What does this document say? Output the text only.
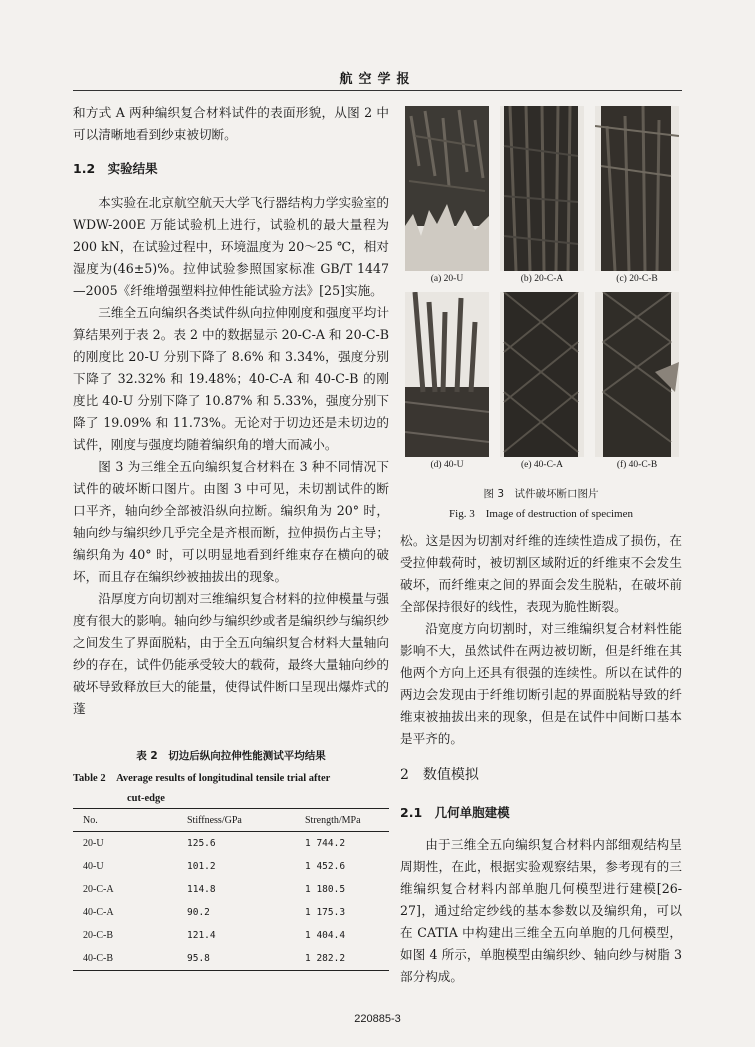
航空学报

和方式 A 两种编织复合材料试件的表面形貌，从图 2 中可以清晰地看到纱束被切断。

1.2　实验结果

本实验在北京航空航天大学飞行器结构力学实验室的 WDW-200E 万能试验机上进行，试验机的最大量程为 200 kN，在试验过程中，环境温度为 20～25 ℃，相对湿度为(46±5)%。拉伸试验参照国家标准 GB/T 1447—2005《纤维增强塑料拉伸性能试验方法》[25]实施。

三维全五向编织各类试件纵向拉伸刚度和强度平均计算结果列于表 2。表 2 中的数据显示 20-C-A 和 20-C-B 的刚度比 20-U 分别下降了 8.6% 和 3.34%，强度分别下降了 32.32% 和 19.48%；40-C-A 和 40-C-B 的刚度比 40-U 分别下降了 10.87% 和 5.33%，强度分别下降了 19.09% 和 11.73%。无论对于切边还是未切边的试件，刚度与强度均随着编织角的增大而减小。

图 3 为三维全五向编织复合材料在 3 种不同情况下试件的破坏断口图片。由图 3 中可见，未切割试件的断口平齐，轴向纱全部被沿纵向拉断。编织角为 20° 时，轴向纱与编织纱几乎完全是齐根而断，拉伸损伤占主导；编织角为 40° 时，可以明显地看到纤维束存在横向的破坏，而且存在编织纱被抽拔出的现象。

沿厚度方向切割对三维编织复合材料的拉伸模量与强度有很大的影响。轴向纱与编织纱或者是编织纱与编织纱之间发生了界面脱粘，由于全五向编织复合材料大量轴向纱的存在，试件仍能承受较大的载荷，最终大量轴向纱的破坏导致释放巨大的能量，使得试件断口呈现出爆炸式的蓬

表 2　切边后纵向拉伸性能测试平均结果
Table 2　Average results of longitudinal tensile trial after
cut-edge
No.	Stiffness/GPa	Strength/MPa
20-U	125.6	1 744.2
40-U	101.2	1 452.6
20-C-A	114.8	1 180.5
40-C-A	90.2	1 175.3
20-C-B	121.4	1 404.4
40-C-B	95.8	1 282.2
(a) 20-U	(b) 20-C-A	(c) 20-C-B
(d) 40-U	(e) 40-C-A	(f) 40-C-B
图 3　试件破坏断口图片
Fig. 3　Image of destruction of specimen

松。这是因为切割对纤维的连续性造成了损伤，在受拉伸载荷时，被切割区域附近的纤维束不会发生破坏，而纤维束之间的界面会发生脱粘，在破坏前全部保持很好的线性，表现为脆性断裂。

沿宽度方向切割时，对三维编织复合材料性能影响不大，虽然试件在两边被切断，但是纤维在其他两个方向上还具有很强的连续性。所以在试件的两边会发现由于纤维切断引起的界面脱粘导致的纤维束被抽拔出来的现象，但是在试件中间断口基本是平齐的。

2　数值模拟

2.1　几何单胞建模

由于三维全五向编织复合材料内部细观结构呈周期性，在此，根据实验观察结果，参考现有的三维编织复合材料内部单胞几何模型进行建模[26-27]，通过给定纱线的基本参数以及编织角，可以在 CATIA 中构建出三维全五向单胞的几何模型，如图 4 所示，单胞模型由编织纱、轴向纱与树脂 3 部分构成。

220885-3
